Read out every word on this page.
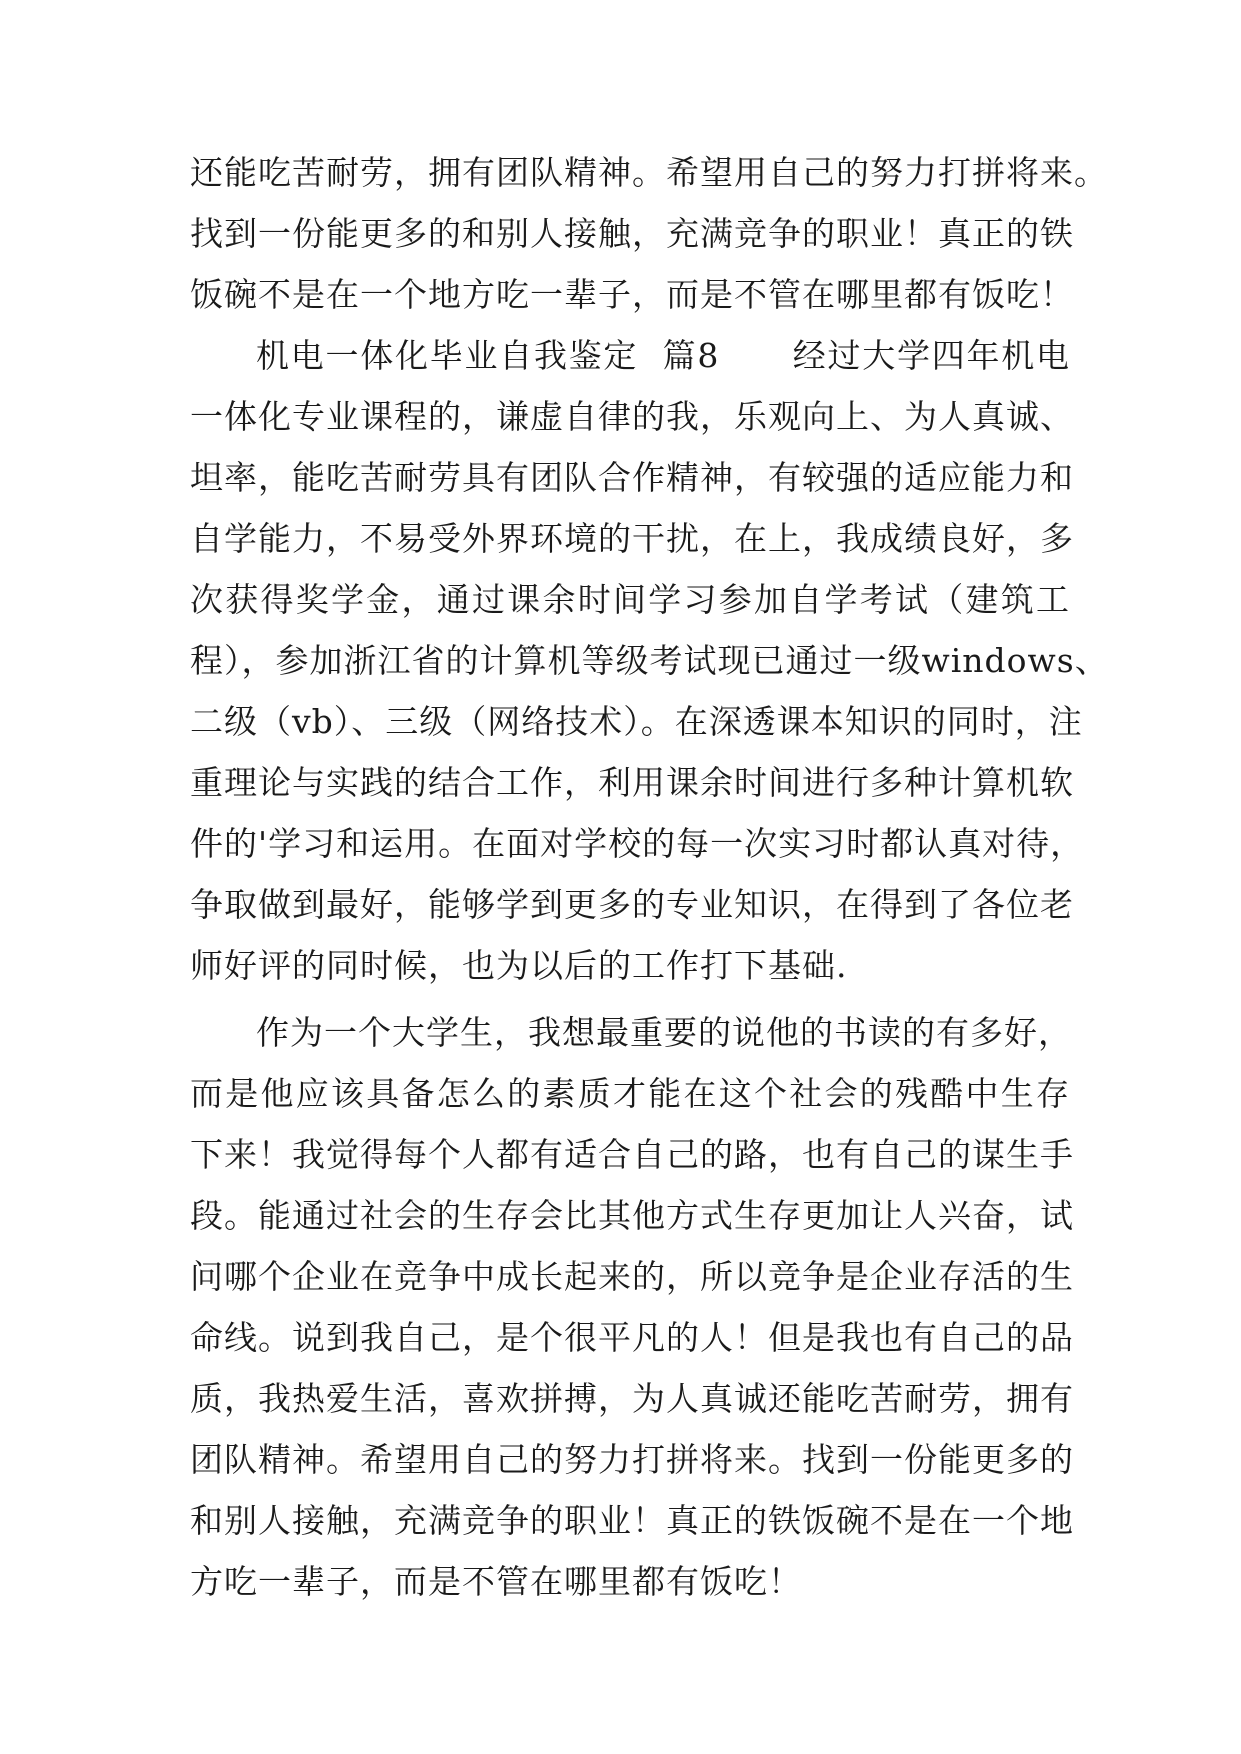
还能吃苦耐劳，拥有团队精神。希望用自己的努力打拼将来。
找到一份能更多的和别人接触，充满竞争的职业！真正的铁
饭碗不是在一个地方吃一辈子，而是不管在哪里都有饭吃！
机电一体化毕业自我鉴定  篇8      经过大学四年机电
一体化专业课程的，谦虚自律的我，乐观向上、为人真诚、
坦率，能吃苦耐劳具有团队合作精神，有较强的适应能力和
自学能力，不易受外界环境的干扰，在上，我成绩良好，多
次获得奖学金，通过课余时间学习参加自学考试（建筑工
程），参加浙江省的计算机等级考试现已通过一级windows、
二级（vb）、三级（网络技术）。在深透课本知识的同时，注
重理论与实践的结合工作，利用课余时间进行多种计算机软
件的'学习和运用。在面对学校的每一次实习时都认真对待，
争取做到最好，能够学到更多的专业知识，在得到了各位老
师好评的同时候，也为以后的工作打下基础.
作为一个大学生，我想最重要的说他的书读的有多好，
而是他应该具备怎么的素质才能在这个社会的残酷中生存
下来！我觉得每个人都有适合自己的路，也有自己的谋生手
段。能通过社会的生存会比其他方式生存更加让人兴奋，试
问哪个企业在竞争中成长起来的，所以竞争是企业存活的生
命线。说到我自己，是个很平凡的人！但是我也有自己的品
质，我热爱生活，喜欢拼搏，为人真诚还能吃苦耐劳，拥有
团队精神。希望用自己的努力打拼将来。找到一份能更多的
和别人接触，充满竞争的职业！真正的铁饭碗不是在一个地
方吃一辈子，而是不管在哪里都有饭吃！
